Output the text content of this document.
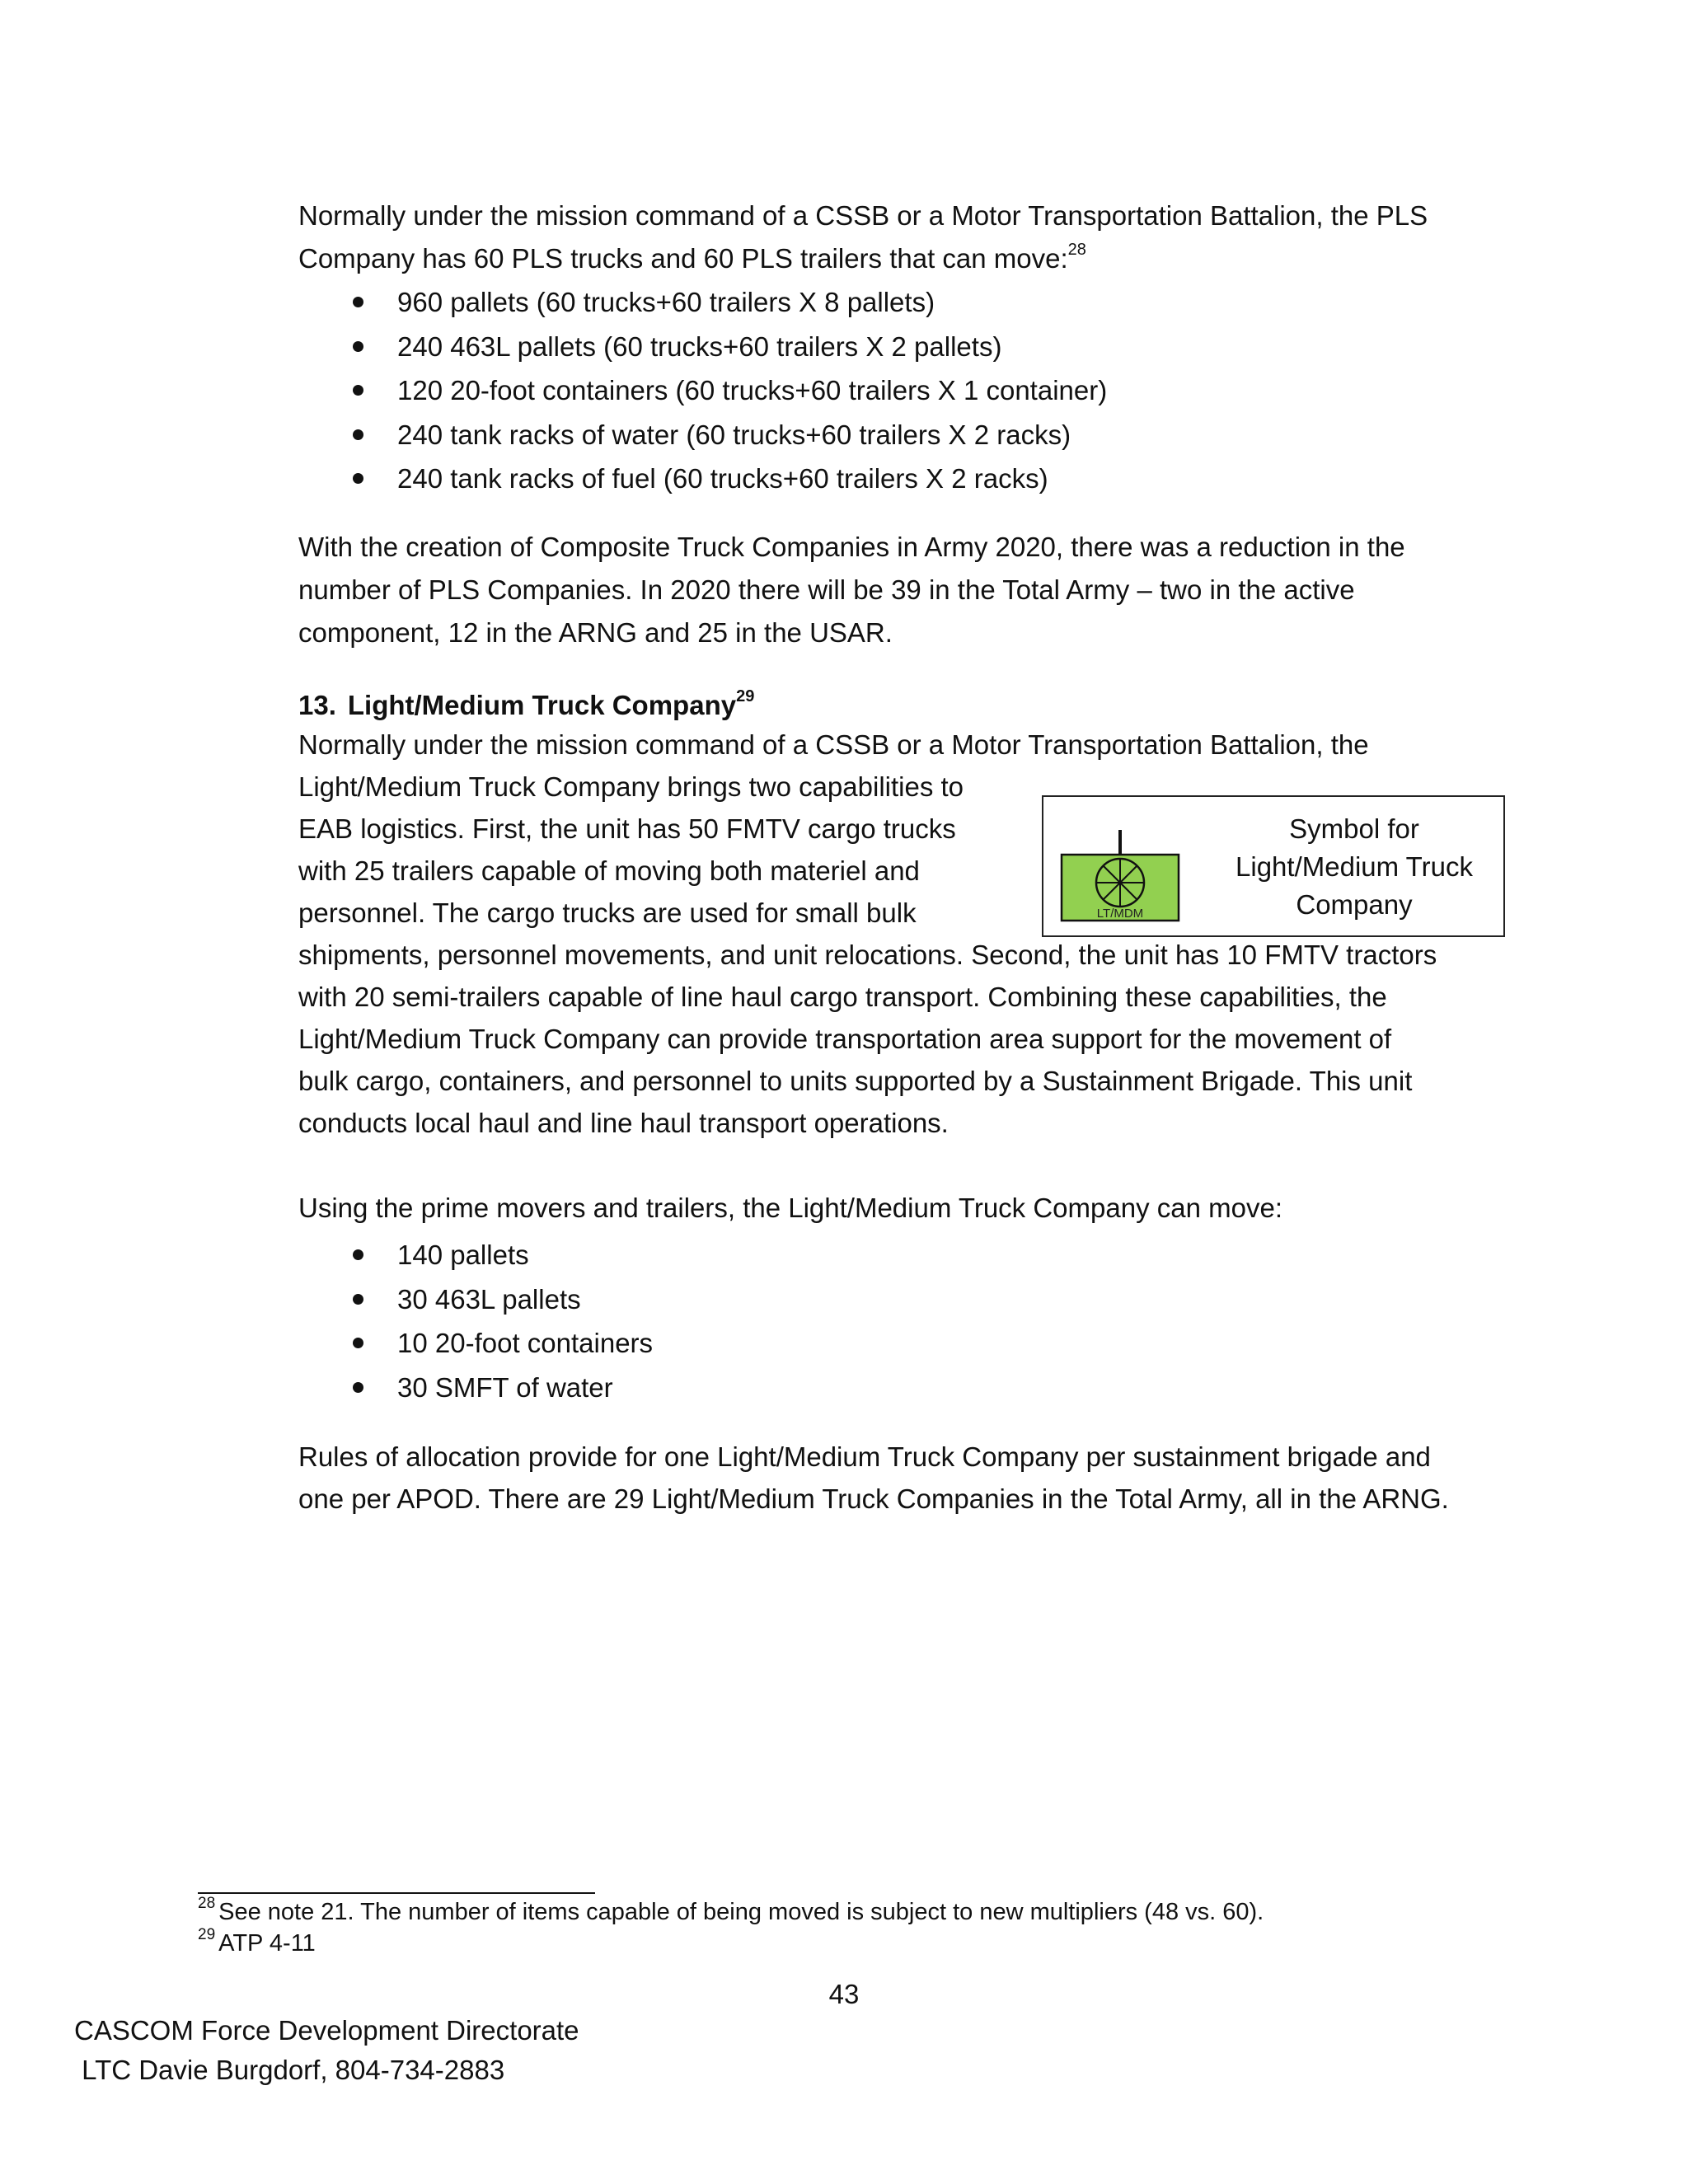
Normally under the mission command of a CSSB or a Motor Transportation Battalion, the PLS
Company has 60 PLS trucks and 60 PLS trailers that can move:$^{28}$

960 pallets (60 trucks+60 trailers X 8 pallets)
240 463L pallets (60 trucks+60 trailers X 2 pallets)
120 20-foot containers (60 trucks+60 trailers X 1 container)
240 tank racks of water (60 trucks+60 trailers X 2 racks)
240 tank racks of fuel (60 trucks+60 trailers X 2 racks)

With the creation of Composite Truck Companies in Army 2020, there was a reduction in the
number of PLS Companies. In 2020 there will be 39 in the Total Army – two in the active
component, 12 in the ARNG and 25 in the USAR.

13. Light/Medium Truck Company$^{29}$
Normally under the mission command of a CSSB or a Motor Transportation Battalion, the
Light/Medium Truck Company brings two capabilities to
EAB logistics. First, the unit has 50 FMTV cargo trucks
with 25 trailers capable of moving both materiel and
personnel. The cargo trucks are used for small bulk
shipments, personnel movements, and unit relocations. Second, the unit has 10 FMTV tractors
with 20 semi-trailers capable of line haul cargo transport. Combining these capabilities, the
Light/Medium Truck Company can provide transportation area support for the movement of
bulk cargo, containers, and personnel to units supported by a Sustainment Brigade. This unit
conducts local haul and line haul transport operations.
LT/MDM
Symbol for
Light/Medium Truck
Company
Using the prime movers and trailers, the Light/Medium Truck Company can move:
140 pallets
30 463L pallets
10 20-foot containers
30 SMFT of water
Rules of allocation provide for one Light/Medium Truck Company per sustainment brigade and
one per APOD. There are 29 Light/Medium Truck Companies in the Total Army, all in the ARNG.
$^{28}$ See note 21. The number of items capable of being moved is subject to new multipliers (48 vs. 60).
$^{29}$ ATP 4-11
43
CASCOM Force Development Directorate
LTC Davie Burgdorf, 804-734-2883
